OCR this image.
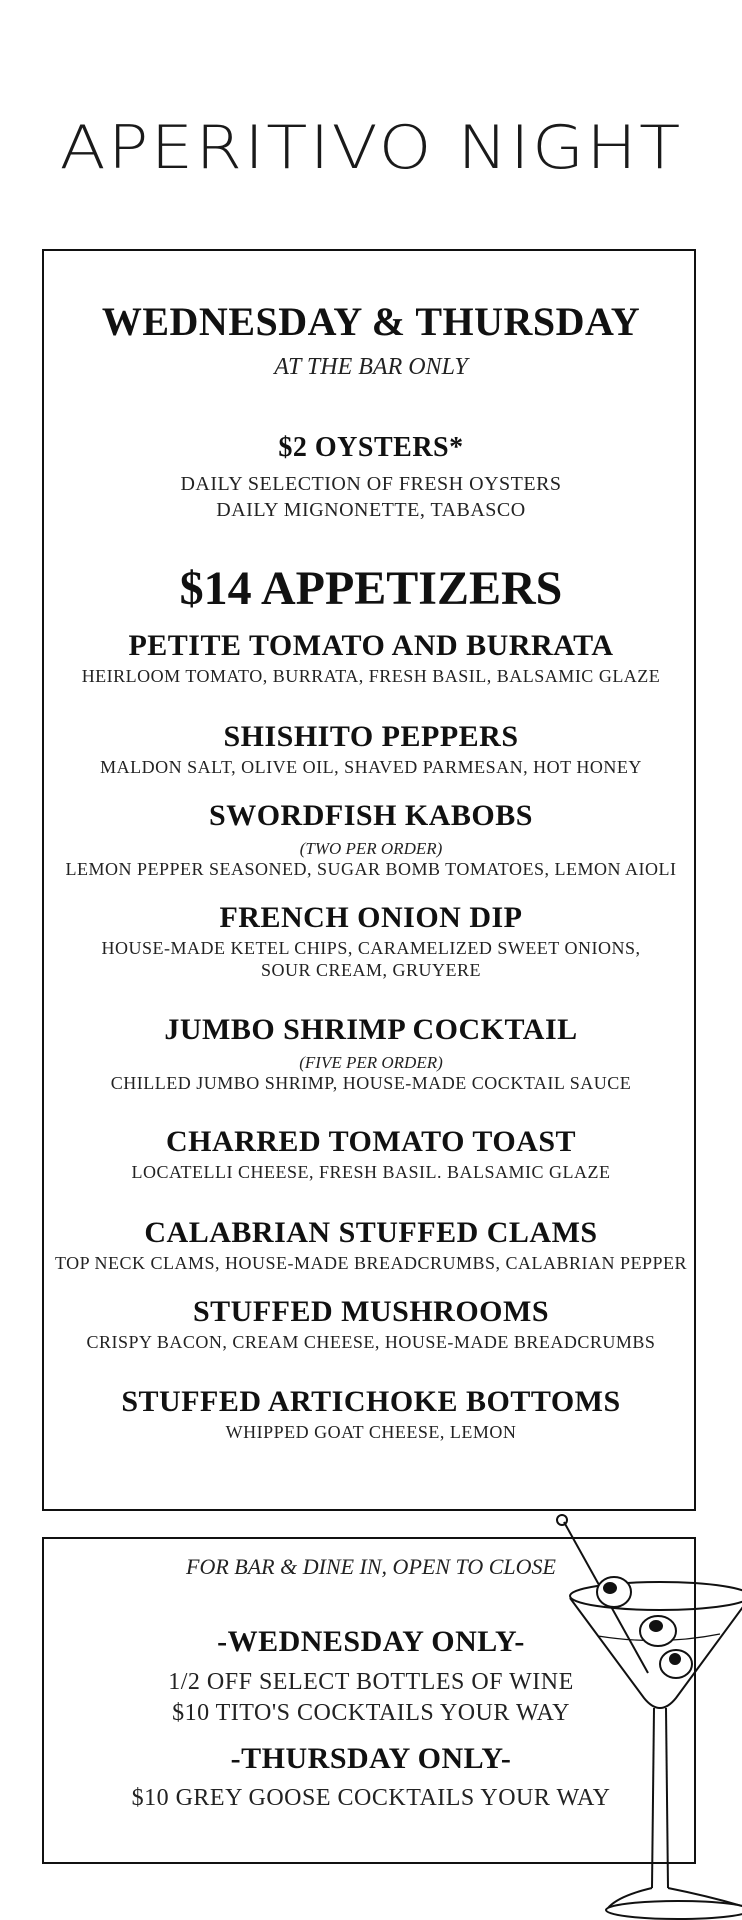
APERITIVO NIGHT
WEDNESDAY & THURSDAY
AT THE BAR ONLY
$2 OYSTERS*
DAILY SELECTION OF FRESH OYSTERS
DAILY MIGNONETTE, TABASCO
$14 APPETIZERS
PETITE TOMATO AND BURRATA
HEIRLOOM TOMATO, BURRATA, FRESH BASIL, BALSAMIC GLAZE
SHISHITO PEPPERS
MALDON SALT, OLIVE OIL, SHAVED PARMESAN, HOT HONEY
SWORDFISH KABOBS
(TWO PER ORDER)
LEMON PEPPER SEASONED, SUGAR BOMB TOMATOES, LEMON AIOLI
FRENCH ONION DIP
HOUSE-MADE KETEL CHIPS, CARAMELIZED SWEET ONIONS,
SOUR CREAM, GRUYERE
JUMBO SHRIMP COCKTAIL
(FIVE PER ORDER)
CHILLED JUMBO SHRIMP, HOUSE-MADE COCKTAIL SAUCE
CHARRED TOMATO TOAST
LOCATELLI CHEESE, FRESH BASIL. BALSAMIC GLAZE
CALABRIAN STUFFED CLAMS
TOP NECK CLAMS, HOUSE-MADE BREADCRUMBS, CALABRIAN PEPPER
STUFFED MUSHROOMS
CRISPY BACON, CREAM CHEESE, HOUSE-MADE BREADCRUMBS
STUFFED ARTICHOKE BOTTOMS
WHIPPED GOAT CHEESE, LEMON
FOR BAR & DINE IN, OPEN TO CLOSE
-WEDNESDAY ONLY-
1/2 OFF SELECT BOTTLES OF WINE
$10 TITO'S COCKTAILS YOUR WAY
-THURSDAY ONLY-
$10 GREY GOOSE COCKTAILS YOUR WAY
